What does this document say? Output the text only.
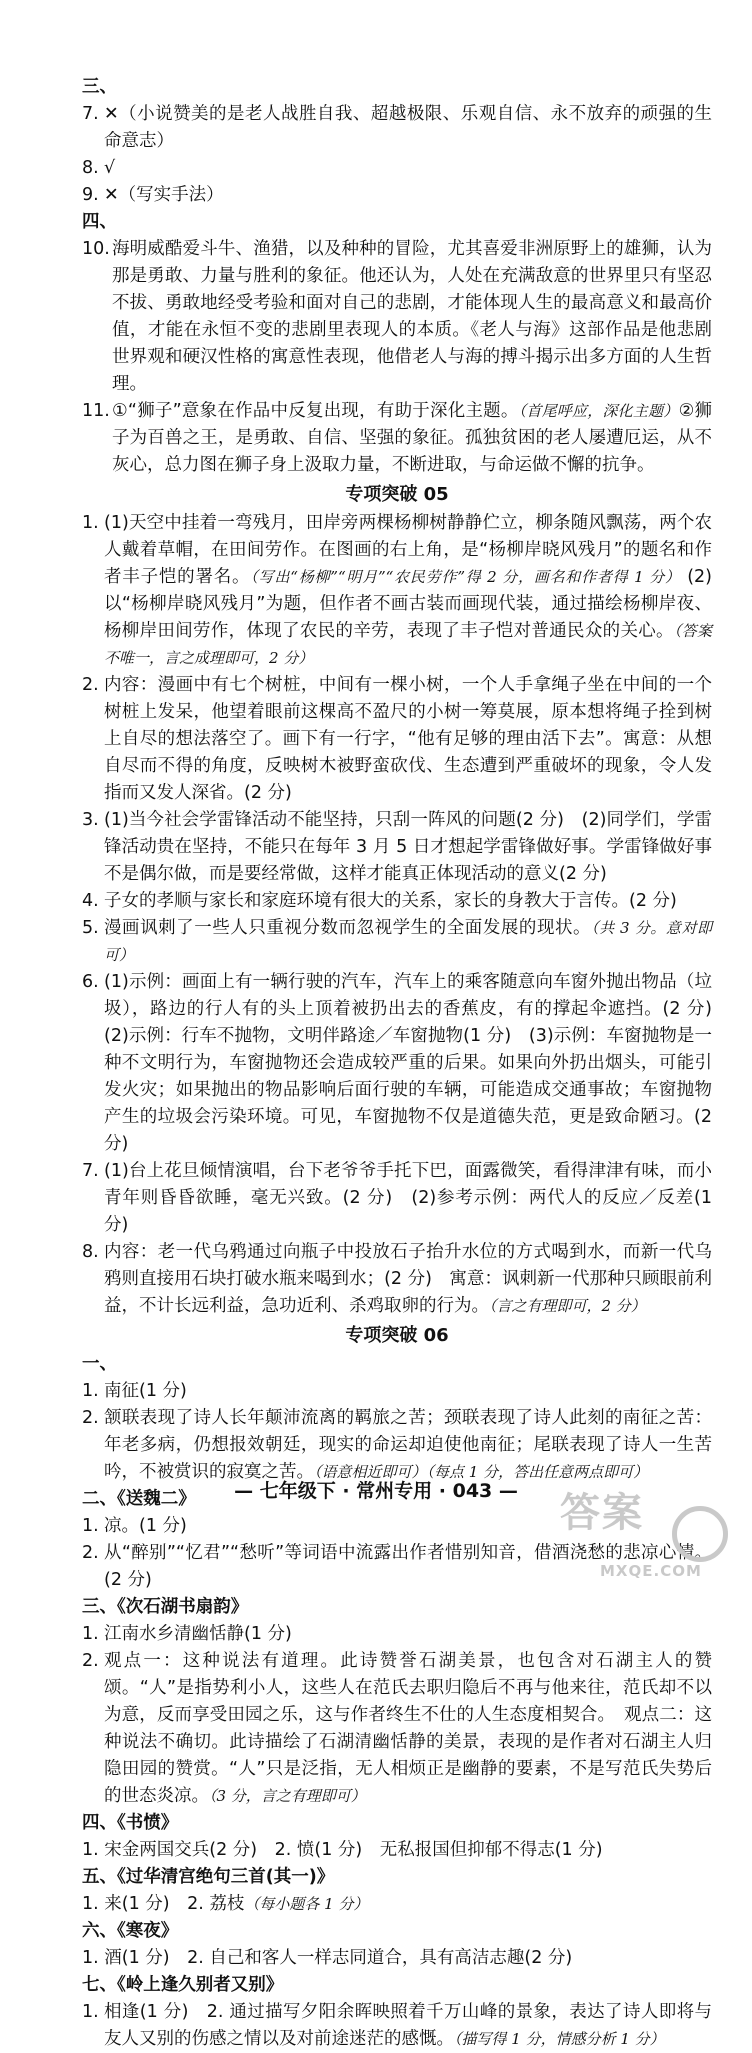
三、
7. ✕（小说赞美的是老人战胜自我、超越极限、乐观自信、永不放弃的顽强的生命意志）
8. √
9. ✕（写实手法）
四、
10. 海明威酷爱斗牛、渔猎，以及种种的冒险，尤其喜爱非洲原野上的雄狮，认为那是勇敢、力量与胜利的象征。他还认为，人处在充满敌意的世界里只有坚忍不拔、勇敢地经受考验和面对自己的悲剧，才能体现人生的最高意义和最高价值，才能在永恒不变的悲剧里表现人的本质。《老人与海》这部作品是他悲剧世界观和硬汉性格的寓意性表现，他借老人与海的搏斗揭示出多方面的人生哲理。
11. ①“狮子”意象在作品中反复出现，有助于深化主题。（首尾呼应，深化主题）②狮子为百兽之王，是勇敢、自信、坚强的象征。孤独贫困的老人屡遭厄运，从不灰心，总力图在狮子身上汲取力量，不断进取，与命运做不懈的抗争。
专项突破 05
1. (1)天空中挂着一弯残月，田岸旁两棵杨柳树静静伫立，柳条随风飘荡，两个农人戴着草帽，在田间劳作。在图画的右上角，是“杨柳岸晓风残月”的题名和作者丰子恺的署名。（写出“杨柳”“明月”“农民劳作”得 2 分，画名和作者得 1 分） (2)以“杨柳岸晓风残月”为题，但作者不画古装而画现代装，通过描绘杨柳岸夜、杨柳岸田间劳作，体现了农民的辛劳，表现了丰子恺对普通民众的关心。（答案不唯一，言之成理即可，2 分）
2. 内容：漫画中有七个树桩，中间有一棵小树，一个人手拿绳子坐在中间的一个树桩上发呆，他望着眼前这棵高不盈尺的小树一筹莫展，原本想将绳子拴到树上自尽的想法落空了。画下有一行字，“他有足够的理由活下去”。寓意：从想自尽而不得的角度，反映树木被野蛮砍伐、生态遭到严重破坏的现象，令人发指而又发人深省。(2 分)
3. (1)当今社会学雷锋活动不能坚持，只刮一阵风的问题(2 分)　(2)同学们，学雷锋活动贵在坚持，不能只在每年 3 月 5 日才想起学雷锋做好事。学雷锋做好事不是偶尔做，而是要经常做，这样才能真正体现活动的意义(2 分)
4. 子女的孝顺与家长和家庭环境有很大的关系，家长的身教大于言传。(2 分)
5. 漫画讽刺了一些人只重视分数而忽视学生的全面发展的现状。（共 3 分。意对即可）
6. (1)示例：画面上有一辆行驶的汽车，汽车上的乘客随意向车窗外抛出物品（垃圾），路边的行人有的头上顶着被扔出去的香蕉皮，有的撑起伞遮挡。(2 分)　(2)示例：行车不抛物，文明伴路途／车窗抛物(1 分)　(3)示例：车窗抛物是一种不文明行为，车窗抛物还会造成较严重的后果。如果向外扔出烟头，可能引发火灾；如果抛出的物品影响后面行驶的车辆，可能造成交通事故；车窗抛物产生的垃圾会污染环境。可见，车窗抛物不仅是道德失范，更是致命陋习。(2 分)
7. (1)台上花旦倾情演唱，台下老爷爷手托下巴，面露微笑，看得津津有味，而小青年则昏昏欲睡，毫无兴致。(2 分)　(2)参考示例：两代人的反应／反差(1 分)
8. 内容：老一代乌鸦通过向瓶子中投放石子抬升水位的方式喝到水，而新一代乌鸦则直接用石块打破水瓶来喝到水；(2 分)　寓意：讽刺新一代那种只顾眼前利益，不计长远利益，急功近利、杀鸡取卵的行为。（言之有理即可，2 分）
专项突破 06
一、
1. 南征(1 分)
2. 颔联表现了诗人长年颠沛流离的羁旅之苦；颈联表现了诗人此刻的南征之苦：年老多病，仍想报效朝廷，现实的命运却迫使他南征；尾联表现了诗人一生苦吟，不被赏识的寂寞之苦。（语意相近即可）（每点 1 分，答出任意两点即可）
二、《送魏二》
1. 凉。(1 分)
2. 从“醉别”“忆君”“愁听”等词语中流露出作者惜别知音，借酒浇愁的悲凉心情。(2 分)
三、《次石湖书扇韵》
1. 江南水乡清幽恬静(1 分)
2. 观点一：这种说法有道理。此诗赞誉石湖美景，也包含对石湖主人的赞颂。“人”是指势利小人，这些人在范氏去职归隐后不再与他来往，范氏却不以为意，反而享受田园之乐，这与作者终生不仕的人生态度相契合。　观点二：这种说法不确切。此诗描绘了石湖清幽恬静的美景，表现的是作者对石湖主人归隐田园的赞赏。“人”只是泛指，无人相烦正是幽静的要素，不是写范氏失势后的世态炎凉。（3 分，言之有理即可）
四、《书愤》
1. 宋金两国交兵(2 分)　2. 愤(1 分)　无私报国但抑郁不得志(1 分)
五、《过华清宫绝句三首(其一)》
1. 来(1 分)　2. 荔枝（每小题各 1 分）
六、《寒夜》
1. 酒(1 分)　2. 自己和客人一样志同道合，具有高洁志趣(2 分)
七、《岭上逢久别者又别》
1. 相逢(1 分)　2. 通过描写夕阳余晖映照着千万山峰的景象，表达了诗人即将与友人又别的伤感之情以及对前途迷茫的感慨。（描写得 1 分，情感分析 1 分）
— 七年级下 · 常州专用 · 043 —	答案
MXQE.COM
